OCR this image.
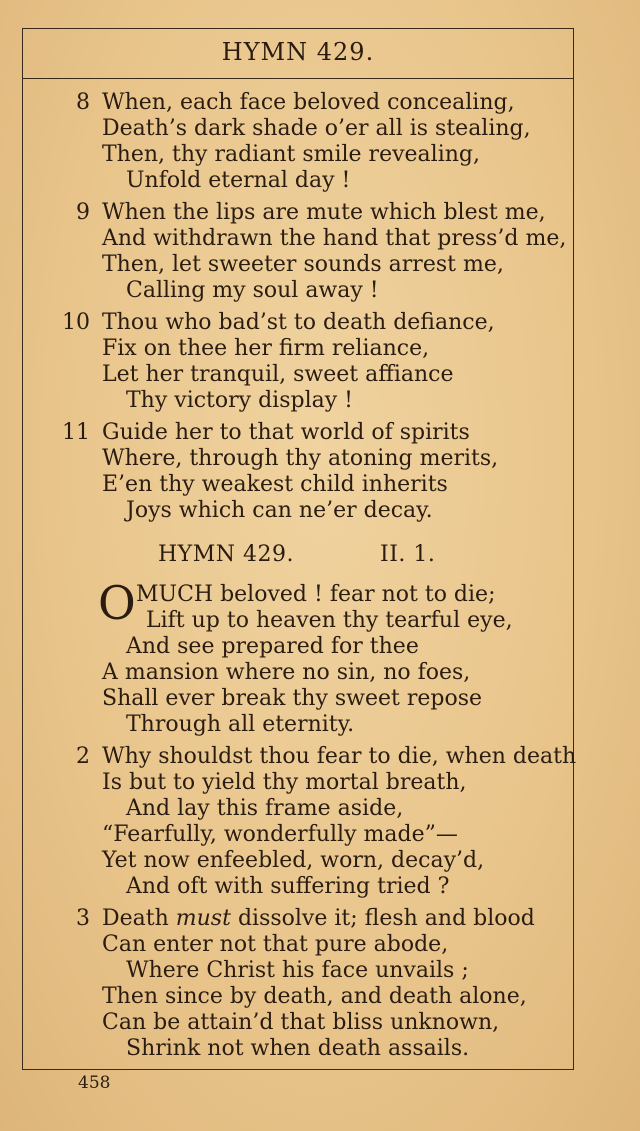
HYMN 429.
8 When, each face beloved concealing,
Death’s dark shade o’er all is stealing,
Then, thy radiant smile revealing,
Unfold eternal day !
9 When the lips are mute which blest me,
And withdrawn the hand that press’d me,
Then, let sweeter sounds arrest me,
Calling my soul away !
10 Thou who bad’st to death defiance,
Fix on thee her firm reliance,
Let her tranquil, sweet affiance
Thy victory display !
11 Guide her to that world of spirits
Where, through thy atoning merits,
E’en thy weakest child inherits
Joys which can ne’er decay.
HYMN 429.	II. 1.
O MUCH beloved ! fear not to die;
Lift up to heaven thy tearful eye,
And see prepared for thee
A mansion where no sin, no foes,
Shall ever break thy sweet repose
Through all eternity.
2 Why shouldst thou fear to die, when death
Is but to yield thy mortal breath,
And lay this frame aside,
“Fearfully, wonderfully made”—
Yet now enfeebled, worn, decay’d,
And oft with suffering tried ?
3 Death must dissolve it; flesh and blood
Can enter not that pure abode,
Where Christ his face unvails ;
Then since by death, and death alone,
Can be attain’d that bliss unknown,
Shrink not when death assails.
458
